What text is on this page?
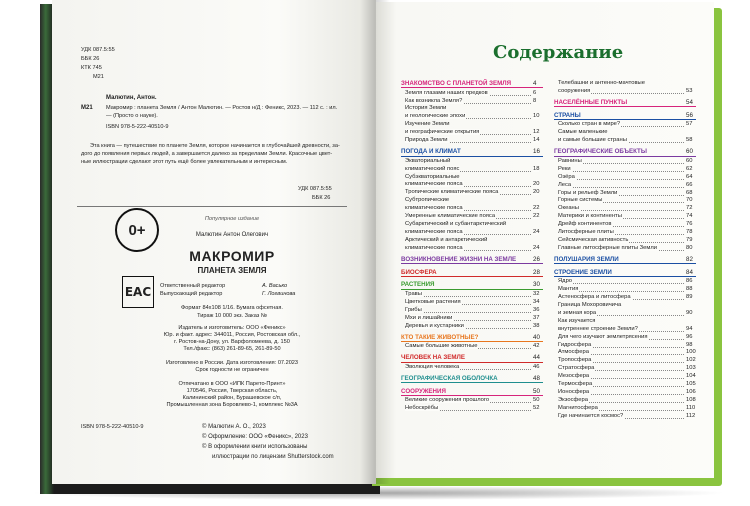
УДК 087.5:55
ББК 26
КТК 745
М21
Малютин, Антон.
М21 Макромир : планета Земля / Антон Малютин. — Ростов н/Д : Феникс, 2023. — 112 с. : ил.
— (Просто о науке).
ISBN 978-5-222-40510-9
Эта книга — путешествие по планете Земля, которое начинается в глубочайшей древности, за-
дого до появления первых людей, а завершается далеко за пределами Земли. Красочные цвет-
ные иллюстрации сделают этот путь ещё более увлекательным и интересным.
УДК 087.5:55
ББК 26
0+
Популярное издание
Малютин Антон Олегович
МАКРОМИР
ПЛАНЕТА ЗЕМЛЯ
Ответственный редактор	А. Васько
Выпускающий редактор	Г. Логвинова
EAC
Формат 84х108 1/16. Бумага офсетная.
Тираж 10 000 экз. Заказ №
Издатель и изготовитель: ООО «Феникс»
Юр. и факт. адрес: 344011, Россия, Ростовская обл.,
г. Ростов-на-Дону, ул. Варфоломеева, д. 150
Тел./факс: (863) 261-89-65, 261-89-50
Изготовлено в России. Дата изготовления: 07.2023
Срок годности не ограничен
Отпечатано в ООО «ИПК Парето-Принт»
170546, Россия, Тверская область,
Калининский район, Бурашевское с/п,
Промышленная зона Боровлево-1, комплекс №3А
ISBN 978-5-222-40510-9	© Малютин А. О., 2023
© Оформление: ООО «Феникс», 2023
© В оформлении книги использованы
иллюстрации по лицензии Shutterstock.com
ЗНАКОМСТВО С ПЛАНЕТОЙ ЗЕМЛЯ	4
Земля глазами наших предков	6
Как возникла Земля?	8
История Земли
и геологические эпохи	10
Изучение Земли
и географические открытия	12
Природа Земли	14
ПОГОДА И КЛИМАТ	16
Экваториальный
климатический пояс	18
Субэкваториальные
климатические пояса	20
Тропические климатические пояса	20
Субтропические
климатические пояса	22
Умеренные климатические пояса	22
Субарктический и субантарктический
климатические пояса	24
Арктический и антарктический
климатические пояса	24
ВОЗНИКНОВЕНИЕ ЖИЗНИ НА ЗЕМЛЕ	26
БИОСФЕРА	28
РАСТЕНИЯ	30
Травы	32
Цветковые растения	34
Грибы	36
Мхи и лишайники	37
Деревья и кустарники	38
КТО ТАКИЕ ЖИВОТНЫЕ?	40
Самые большие животные	42
ЧЕЛОВЕК НА ЗЕМЛЕ	44
Эволюция человека	46
ГЕОГРАФИЧЕСКАЯ ОБОЛОЧКА	48
СООРУЖЕНИЯ	50
Великие сооружения прошлого	50
Небоскрёбы	52
Телебашни и антенно-мачтовые
сооружения	53
НАСЕЛЁННЫЕ ПУНКТЫ	54
СТРАНЫ	56
Сколько стран в мире?	57
Самые маленькие
и самые большие страны	58
ГЕОГРАФИЧЕСКИЕ ОБЪЕКТЫ	60
Равнины	60
Реки	62
Озёра	64
Леса	66
Горы и рельеф Земли	68
Горные системы	70
Океаны	72
Материки и континенты	74
Дрейф континентов	76
Литосферные плиты	78
Сейсмическая активность	79
Главные литосферные плиты Земли	80
ПОЛУШАРИЯ ЗЕМЛИ	82
СТРОЕНИЕ ЗЕМЛИ	84
Ядро	86
Мантия	88
Астеносфера и литосфера	89
Граница Мохоровичича
и земная кора	90
Как изучается
внутреннее строение Земли?	94
Для чего изучают землетрясения	96
Гидросфера	98
Атмосфера	100
Тропосфера	102
Стратосфера	103
Мезосфера	104
Термосфера	105
Ионосфера	106
Экзосфера	108
Магнитосфера	110
Где начинается космос?	112
Содержание
